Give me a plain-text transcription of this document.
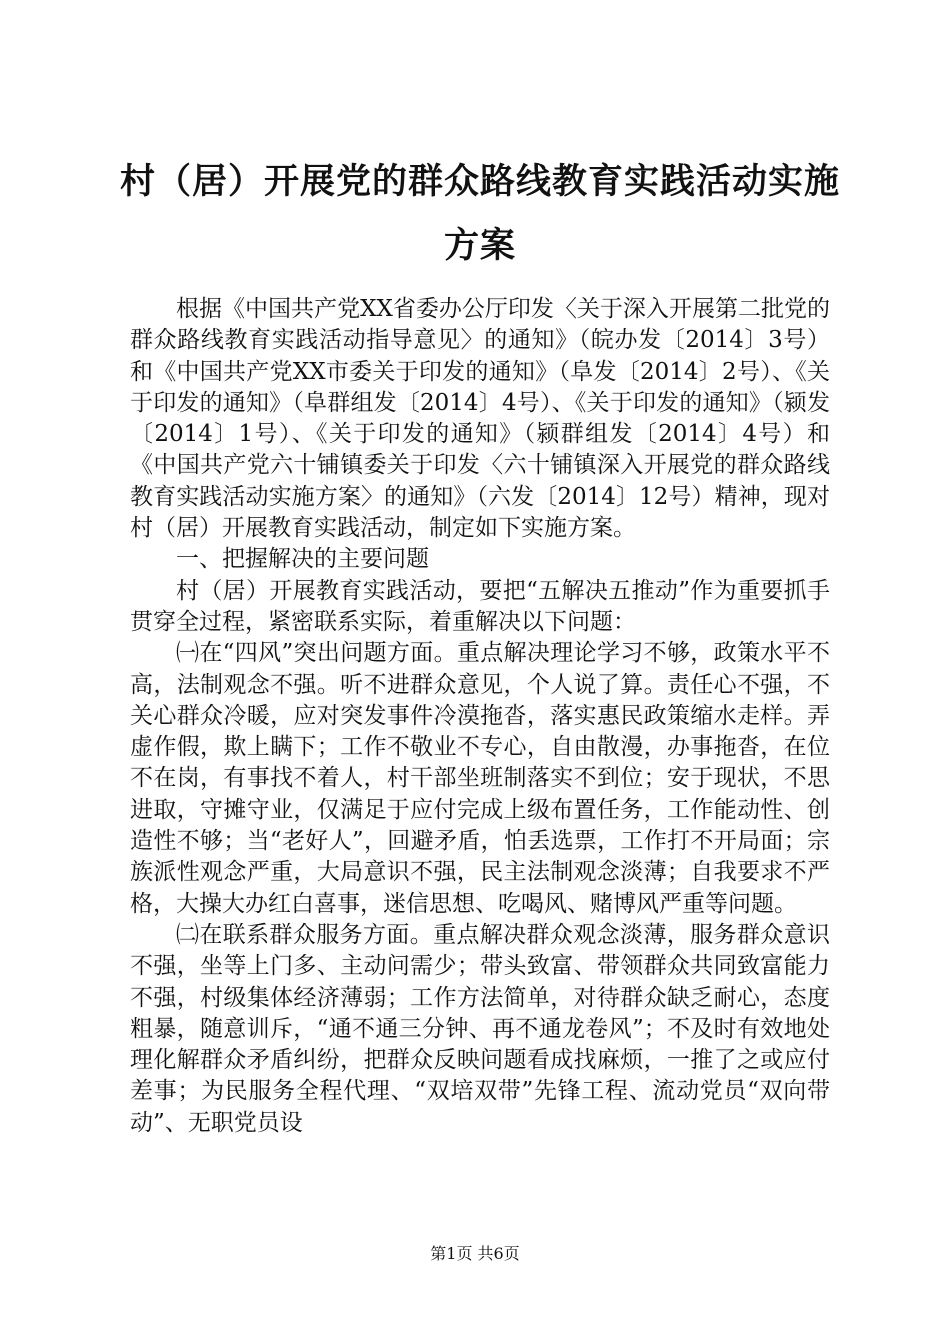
村（居）开展党的群众路线教育实践活动实施方案

根据《中国共产党XX省委办公厅印发〈关于深入开展第二批党的群众路线教育实践活动指导意见〉的通知》（皖办发〔2014〕3号）和《中国共产党XX市委关于印发的通知》（阜发〔2014〕2号）、《关于印发的通知》（阜群组发〔2014〕4号）、《关于印发的通知》（颍发〔2014〕1号）、《关于印发的通知》（颍群组发〔2014〕4号）和《中国共产党六十铺镇委关于印发〈六十铺镇深入开展党的群众路线教育实践活动实施方案〉的通知》（六发〔2014〕12号）精神，现对村（居）开展教育实践活动，制定如下实施方案。

一、把握解决的主要问题

村（居）开展教育实践活动，要把“五解决五推动”作为重要抓手贯穿全过程，紧密联系实际，着重解决以下问题：

㈠在“四风”突出问题方面。重点解决理论学习不够，政策水平不高，法制观念不强。听不进群众意见，个人说了算。责任心不强，不关心群众冷暖，应对突发事件冷漠拖沓，落实惠民政策缩水走样。弄虚作假，欺上瞒下；工作不敬业不专心，自由散漫，办事拖沓，在位不在岗，有事找不着人，村干部坐班制落实不到位；安于现状，不思进取，守摊守业，仅满足于应付完成上级布置任务，工作能动性、创造性不够；当“老好人”，回避矛盾，怕丢选票，工作打不开局面；宗族派性观念严重，大局意识不强，民主法制观念淡薄；自我要求不严格，大操大办红白喜事，迷信思想、吃喝风、赌博风严重等问题。

㈡在联系群众服务方面。重点解决群众观念淡薄，服务群众意识不强，坐等上门多、主动问需少；带头致富、带领群众共同致富能力不强，村级集体经济薄弱；工作方法简单，对待群众缺乏耐心，态度粗暴，随意训斥，“通不通三分钟、再不通龙卷风”；不及时有效地处理化解群众矛盾纠纷，把群众反映问题看成找麻烦，一推了之或应付差事；为民服务全程代理、“双培双带”先锋工程、流动党员“双向带动”、无职党员设

第1页 共6页
